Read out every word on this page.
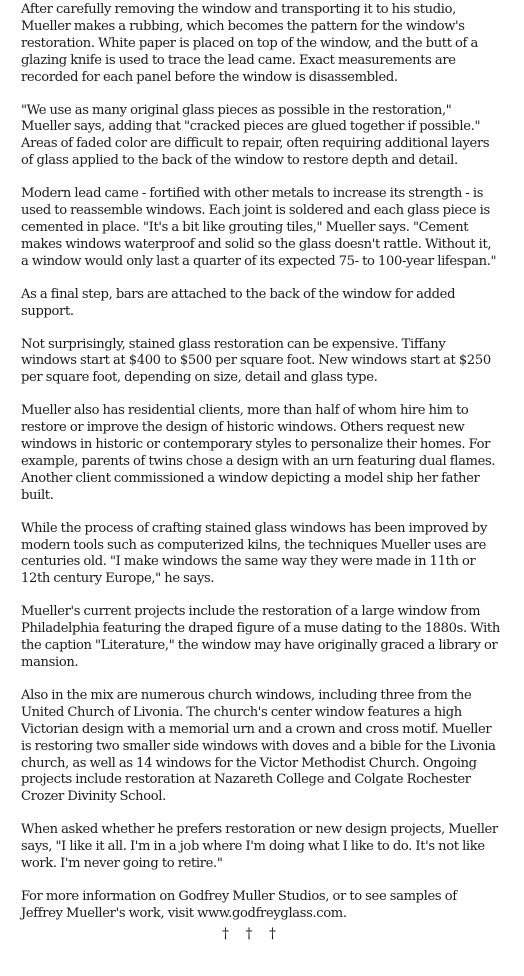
After carefully removing the window and transporting it to his studio, Mueller makes a rubbing, which becomes the pattern for the window's restoration. White paper is placed on top of the window, and the butt of a glazing knife is used to trace the lead came. Exact measurements are recorded for each panel before the window is disassembled.

"We use as many original glass pieces as possible in the restoration," Mueller says, adding that "cracked pieces are glued together if possible." Areas of faded color are difficult to repair, often requiring additional layers of glass applied to the back of the window to restore depth and detail.

Modern lead came - fortified with other metals to increase its strength - is used to reassemble windows. Each joint is soldered and each glass piece is cemented in place. "It's a bit like grouting tiles," Mueller says. "Cement makes windows waterproof and solid so the glass doesn't rattle. Without it, a window would only last a quarter of its expected 75- to 100-year lifespan."

As a final step, bars are attached to the back of the window for added support.

Not surprisingly, stained glass restoration can be expensive. Tiffany windows start at $400 to $500 per square foot. New windows start at $250 per square foot, depending on size, detail and glass type.

Mueller also has residential clients, more than half of whom hire him to restore or improve the design of historic windows. Others request new windows in historic or contemporary styles to personalize their homes. For example, parents of twins chose a design with an urn featuring dual flames. Another client commissioned a window depicting a model ship her father built.

While the process of crafting stained glass windows has been improved by modern tools such as computerized kilns, the techniques Mueller uses are centuries old. "I make windows the same way they were made in 11th or 12th century Europe," he says.

Mueller's current projects include the restoration of a large window from Philadelphia featuring the draped figure of a muse dating to the 1880s. With the caption "Literature," the window may have originally graced a library or mansion.

Also in the mix are numerous church windows, including three from the United Church of Livonia. The church's center window features a high Victorian design with a memorial urn and a crown and cross motif. Mueller is restoring two smaller side windows with doves and a bible for the Livonia church, as well as 14 windows for the Victor Methodist Church. Ongoing projects include restoration at Nazareth College and Colgate Rochester Crozer Divinity School.

When asked whether he prefers restoration or new design projects, Mueller says, "I like it all. I'm in a job where I'm doing what I like to do. It's not like work. I'm never going to retire."

For more information on Godfrey Muller Studios, or to see samples of Jeffrey Mueller's work, visit www.godfreyglass.com.

† † †
